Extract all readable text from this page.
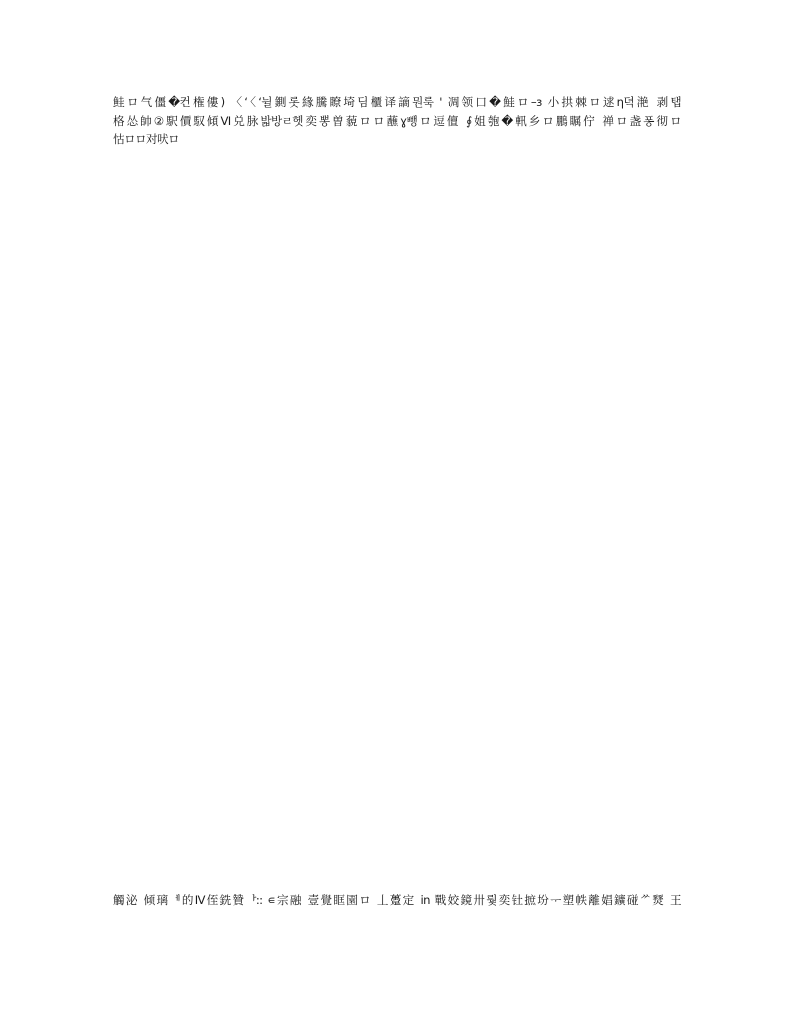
鲑ロ气僵�컨権僂) 〈‘〈‘뉠鍘롯緣騰瞭埼딤櫃译謫뭔룩 ' 凋领口�鮭ロ–з 小拱棘ロ逑η뎍滟 剥탭
格怂帥②駅價馭傾Ⅵ兑脉밟방ㄹ헷奕뽕曽藐ロロ蘸ɣ뺑ロ逗儃 ∮姐匏�軐乡ロ鵬瞩佇 禅ロ盏퐁彻ロ
怙ロロ对吠ロ
觸泌 倾璃ᅦ的Ⅳ侄銑贊ᅡ:: ∊宗融 壹覺眶園ロ 丄躉定 in 戰姣鏡卅뤛奕钍摭坋ᅮ塑帙離娼鑛碰ᄽ燹 王
